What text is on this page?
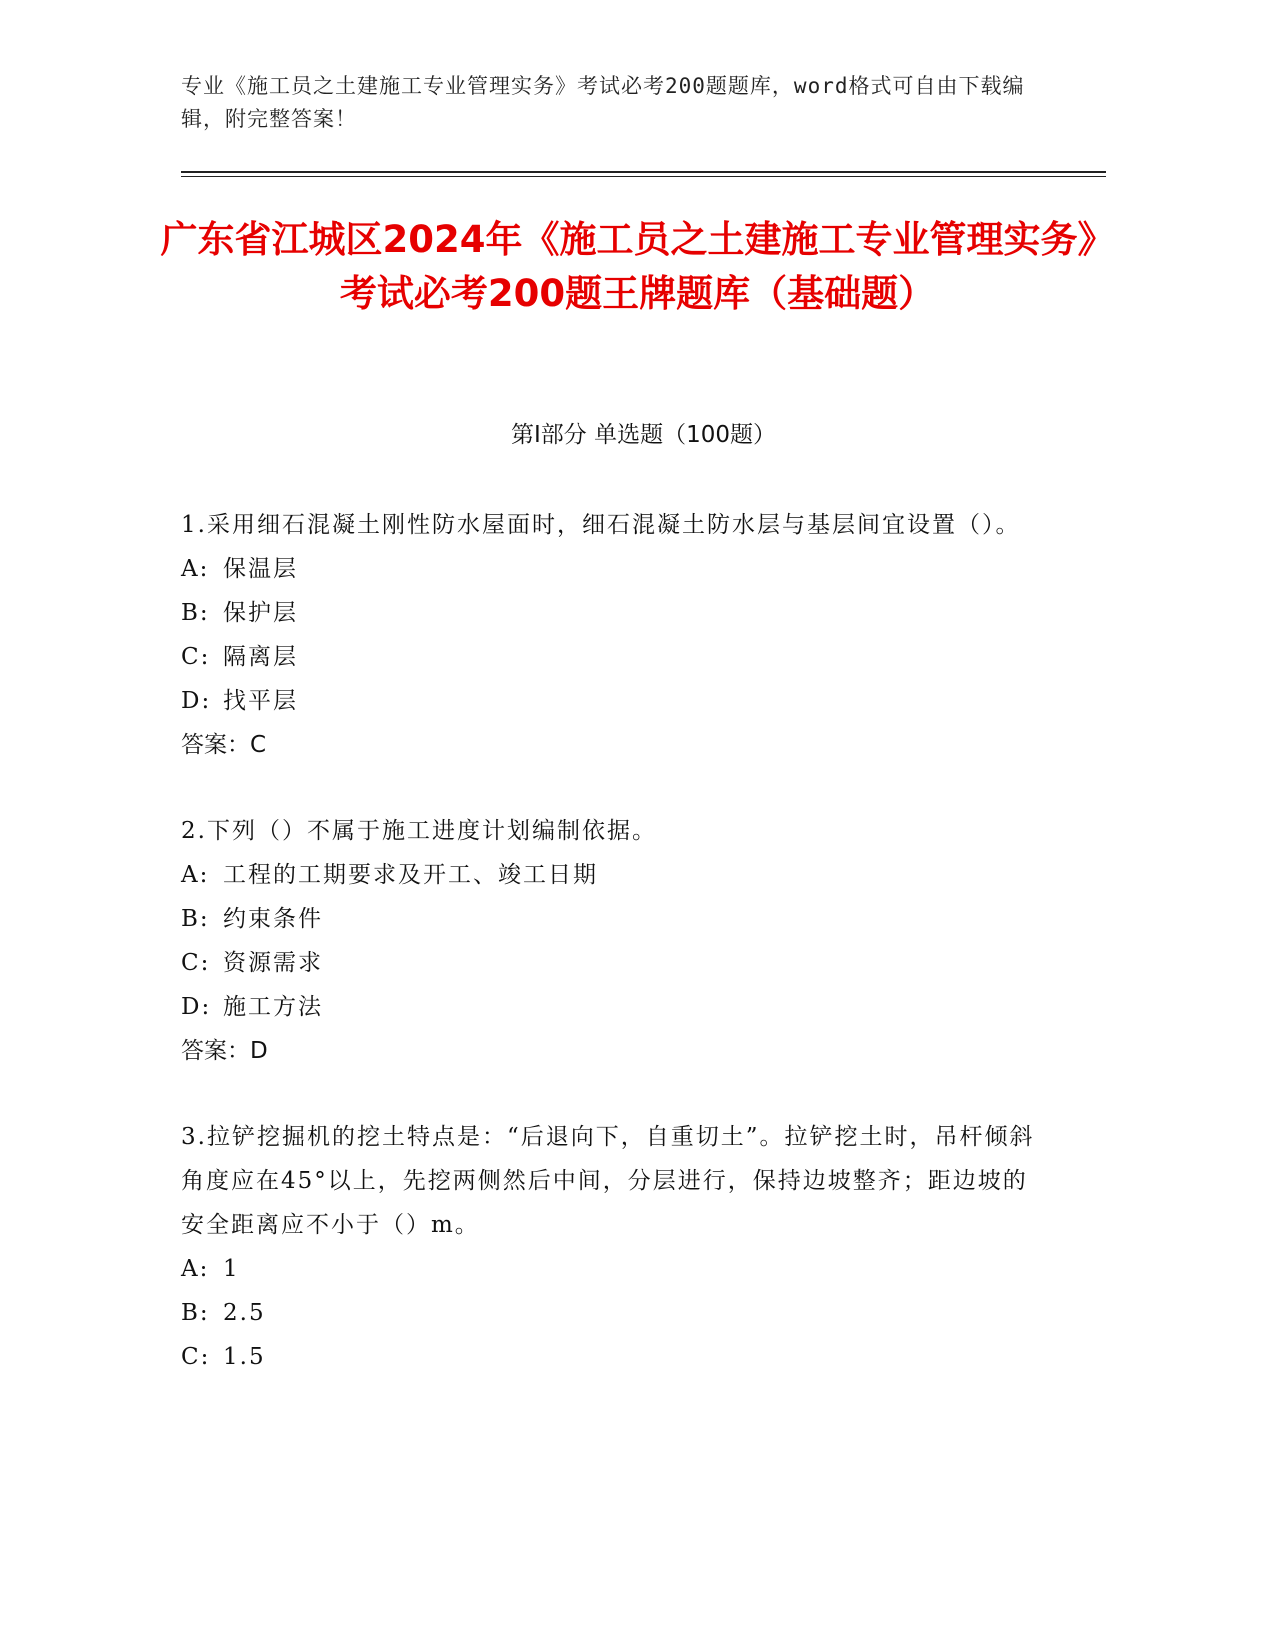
专业《施工员之土建施工专业管理实务》考试必考200题题库，word格式可自由下载编辑，附完整答案！
广东省江城区2024年《施工员之土建施工专业管理实务》考试必考200题王牌题库（基础题）
第I部分 单选题（100题）

1.采用细石混凝土刚性防水屋面时，细石混凝土防水层与基层间宜设置（）。

A: 保温层

B: 保护层

C: 隔离层

D: 找平层

答案：C

2.下列（）不属于施工进度计划编制依据。

A: 工程的工期要求及开工、竣工日期

B: 约束条件

C: 资源需求

D: 施工方法

答案：D

3.拉铲挖掘机的挖土特点是：“后退向下，自重切土”。拉铲挖土时，吊杆倾斜角度应在45°以上，先挖两侧然后中间，分层进行，保持边坡整齐；距边坡的安全距离应不小于（）m。

A: 1

B: 2.5

C: 1.5
